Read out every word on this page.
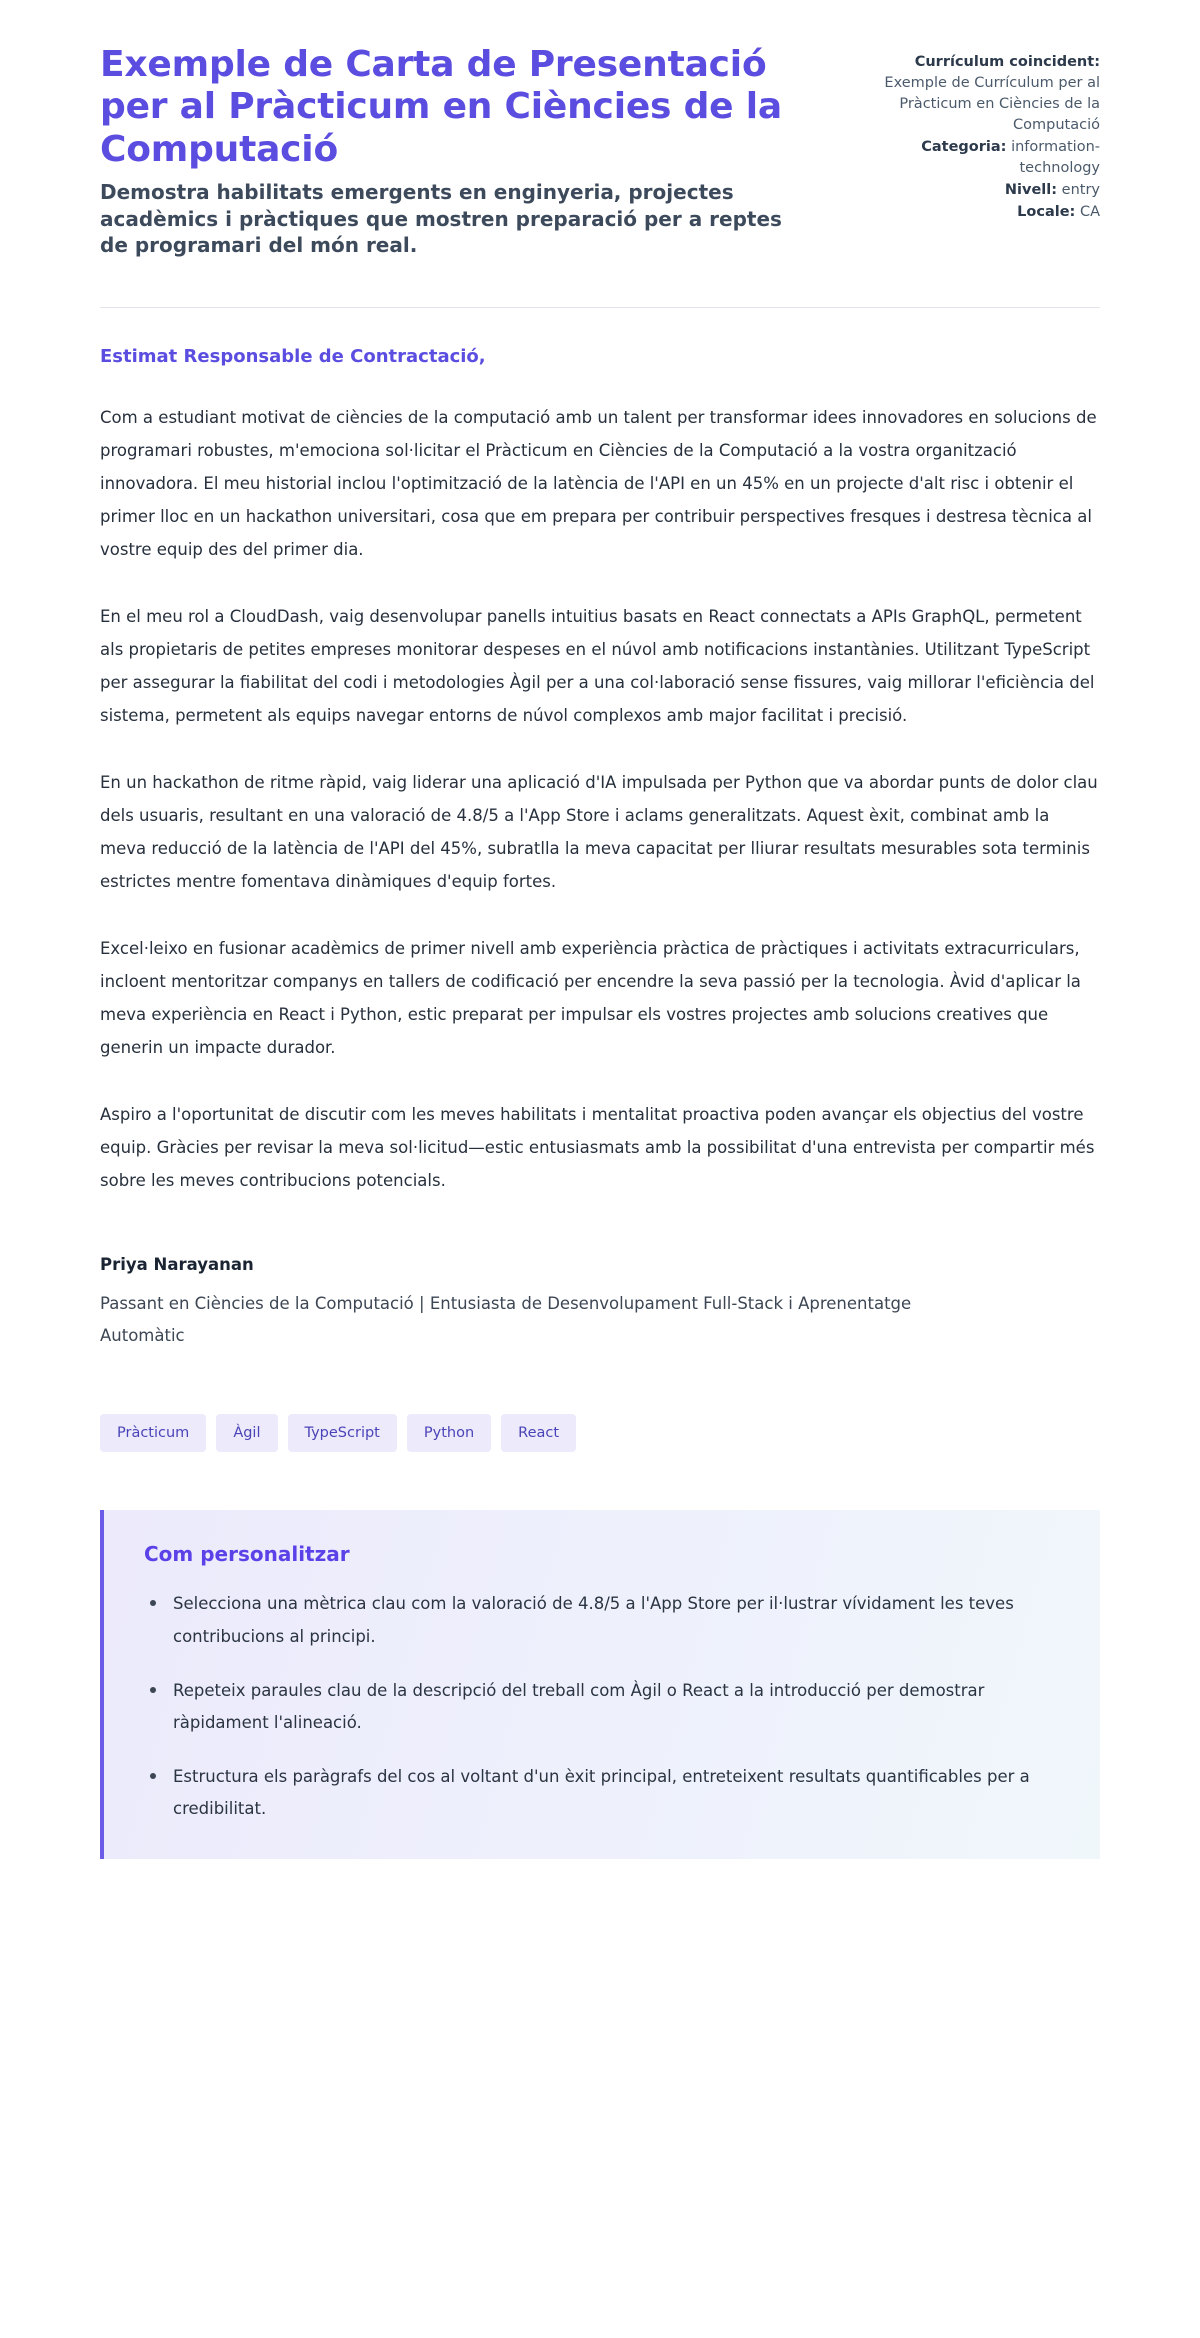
Exemple de Carta de Presentació per al Pràcticum en Ciències de la Computació

Demostra habilitats emergents en enginyeria, projectes acadèmics i pràctiques que mostren preparació per a reptes de programari del món real.

Currículum coincident:
Exemple de Currículum per al Pràcticum en Ciències de la Computació
Categoria: information-technology
Nivell: entry
Locale: CA

Estimat Responsable de Contractació,

Com a estudiant motivat de ciències de la computació amb un talent per transformar idees innovadores en solucions de programari robustes, m'emociona sol·licitar el Pràcticum en Ciències de la Computació a la vostra organització innovadora. El meu historial inclou l'optimització de la latència de l'API en un 45% en un projecte d'alt risc i obtenir el primer lloc en un hackathon universitari, cosa que em prepara per contribuir perspectives fresques i destresa tècnica al vostre equip des del primer dia.

En el meu rol a CloudDash, vaig desenvolupar panells intuitius basats en React connectats a APIs GraphQL, permetent als propietaris de petites empreses monitorar despeses en el núvol amb notificacions instantànies. Utilitzant TypeScript per assegurar la fiabilitat del codi i metodologies Àgil per a una col·laboració sense fissures, vaig millorar l'eficiència del sistema, permetent als equips navegar entorns de núvol complexos amb major facilitat i precisió.

En un hackathon de ritme ràpid, vaig liderar una aplicació d'IA impulsada per Python que va abordar punts de dolor clau dels usuaris, resultant en una valoració de 4.8/5 a l'App Store i aclams generalitzats. Aquest èxit, combinat amb la meva reducció de la latència de l'API del 45%, subratlla la meva capacitat per lliurar resultats mesurables sota terminis estrictes mentre fomentava dinàmiques d'equip fortes.

Excel·leixo en fusionar acadèmics de primer nivell amb experiència pràctica de pràctiques i activitats extracurriculars, incloent mentoritzar companys en tallers de codificació per encendre la seva passió per la tecnologia. Àvid d'aplicar la meva experiència en React i Python, estic preparat per impulsar els vostres projectes amb solucions creatives que generin un impacte durador.

Aspiro a l'oportunitat de discutir com les meves habilitats i mentalitat proactiva poden avançar els objectius del vostre equip. Gràcies per revisar la meva sol·licitud—estic entusiasmats amb la possibilitat d'una entrevista per compartir més sobre les meves contribucions potencials.

Priya Narayanan

Passant en Ciències de la Computació | Entusiasta de Desenvolupament Full-Stack i Aprenentatge Automàtic

Pràcticum	Àgil	TypeScript	Python	React
Com personalitzar
Selecciona una mètrica clau com la valoració de 4.8/5 a l'App Store per il·lustrar vívidament les teves contribucions al principi.
Repeteix paraules clau de la descripció del treball com Àgil o React a la introducció per demostrar ràpidament l'alineació.
Estructura els paràgrafs del cos al voltant d'un èxit principal, entreteixent resultats quantificables per a credibilitat.
